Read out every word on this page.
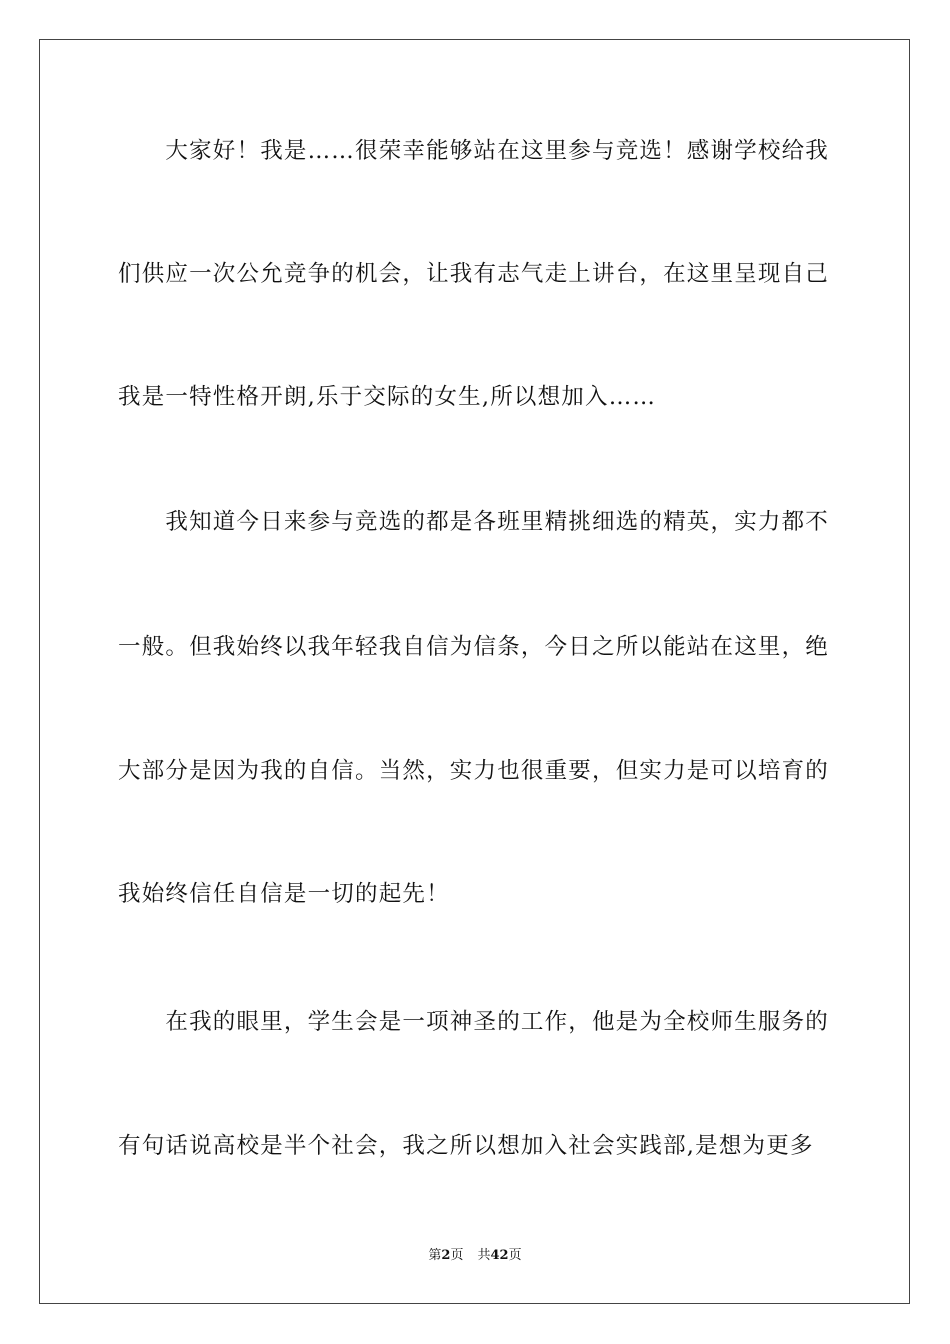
　　大家好！我是……很荣幸能够站在这里参与竞选！感谢学校给我
们供应一次公允竞争的机会，让我有志气走上讲台，在这里呈现自己
我是一特性格开朗,乐于交际的女生,所以想加入……
　　我知道今日来参与竞选的都是各班里精挑细选的精英，实力都不
一般。但我始终以我年轻我自信为信条，今日之所以能站在这里，绝
大部分是因为我的自信。当然，实力也很重要，但实力是可以培育的
我始终信任自信是一切的起先！
　　在我的眼里，学生会是一项神圣的工作，他是为全校师生服务的
有句话说高校是半个社会，我之所以想加入社会实践部,是想为更多
第2页 共42页
